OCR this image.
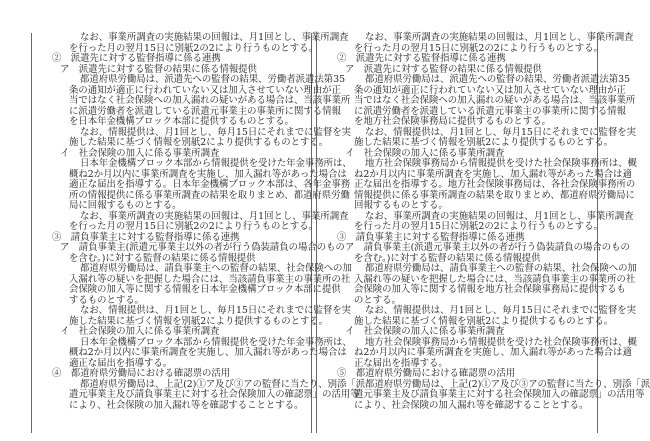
なお、事業所調査の実施結果の回報は、月1回とし、事業所調査
を行った月の翌月15日に別紙2の2により行うものとする。
②　派遣先に対する監督指導に係る連携
ア　派遣先に対する監督の結果に係る情報提供
都道府県労働局は、派遣先への監督の結果、労働者派遣法第35
条の通知が適正に行われていない又は加入させていない理由が正
当ではなく社会保険への加入漏れの疑いがある場合は、当該事業所
に派遣労働者を派遣している派遣元事業主の事業所に関する情報
を日本年金機構ブロック本部に提供するものとする。
なお、情報提供は、月1回とし、毎月15日にそれまでに監督を実
施した結果に基づく情報を別紙2により提供するものとする。
イ　社会保険の加入に係る事業所調査
日本年金機構ブロック本部から情報提供を受けた年金事務所は、
概ね2か月以内に事業所調査を実施し、加入漏れ等があった場合は
適正な届出を指導する。日本年金機構ブロック本部は、各年金事務
所の情報提供に係る事業所調査の結果を取りまとめ、都道府県労働
局に回報するものとする。
なお、事業所調査の実施結果の回報は、月1回とし、事業所調査
を行った月の翌月15日に別紙2の2により行うものとする。
③　請負事業主に対する監督指導に係る連携
ア　請負事業主(派遣元事業主以外の者が行う偽装請負の場合のもの
を含む。)に対する監督の結果に係る情報提供
都道府県労働局は、請負事業主への監督の結果、社会保険への加
入漏れ等の疑いを把握した場合には、当該請負事業主の事業所の社
会保険の加入等に関する情報を日本年金機構ブロック本部に提供
するものとする。
なお、情報提供は、月1回とし、毎月15日にそれまでに監督を実
施した結果に基づく情報を別紙2により提供するものとする。
イ　社会保険の加入に係る事業所調査
日本年金機構ブロック本部から情報提供を受けた年金事務所は、
概ね2か月以内に事業所調査を実施し、加入漏れ等があった場合は
適正な届出を指導する。
④　都道府県労働局における確認票の活用
都道府県労働局は、上記(2)①ア及び③アの監督に当たり、別添「派
遣元事業主及び請負事業主に対する社会保険加入の確認票」の活用等
により、社会保険の加入漏れ等を確認することとする。
なお、事業所調査の実施結果の回報は、月1回とし、事業所調査
を行った月の翌月15日に別紙2の2により行うものとする。
②　派遣先に対する監督指導に係る連携
ア　派遣先に対する監督の結果に係る情報提供
都道府県労働局は、派遣先への監督の結果、労働者派遣法第35
条の通知が適正に行われていない又は加入させていない理由が正
当ではなく社会保険への加入漏れの疑いがある場合は、当該事業所
に派遣労働者を派遣している派遣元事業主の事業所に関する情報
を地方社会保険事務局に提供するものとする。
なお、情報提供は、月1回とし、毎月15日にそれまでに監督を実
施した結果に基づく情報を別紙2により提供するものとする。
イ　社会保険の加入に係る事業所調査
地方社会保険事務局から情報提供を受けた社会保険事務所は、概
ね2か月以内に事業所調査を実施し、加入漏れ等があった場合は適
正な届出を指導する。地方社会保険事務局は、各社会保険事務所の
情報提供に係る事業所調査の結果を取りまとめ、都道府県労働局に
回報するものとする。
なお、事業所調査の実施結果の回報は、月1回とし、事業所調査
を行った月の翌月15日に別紙2の2により行うものとする。
③　請負事業主に対する監督指導に係る連携
ア　請負事業主(派遣元事業主以外の者が行う偽装請負の場合のもの
を含む。)に対する監督の結果に係る情報提供
都道府県労働局は、請負事業主への監督の結果、社会保険への加
入漏れ等の疑いを把握した場合には、当該請負事業主の事業所の社
会保険の加入等に関する情報を地方社会保険事務局に提供するも
のとする。
なお、情報提供は、月1回とし、毎月15日にそれまでに監督を実
施した結果に基づく情報を別紙2により提供するものとする。
イ　社会保険の加入に係る事業所調査
地方社会保険事務局から情報提供を受けた社会保険事務所は、概
ね2か月以内に事業所調査を実施し、加入漏れ等があった場合は適
正な届出を指導する。
⑤　都道府県労働局における確認票の活用
都道府県労働局は、上記(2)①ア及び③アの監督に当たり、別添「派
遣元事業主及び請負事業主に対する社会保険加入の確認票」の活用等
により、社会保険の加入漏れ等を確認することとする。
